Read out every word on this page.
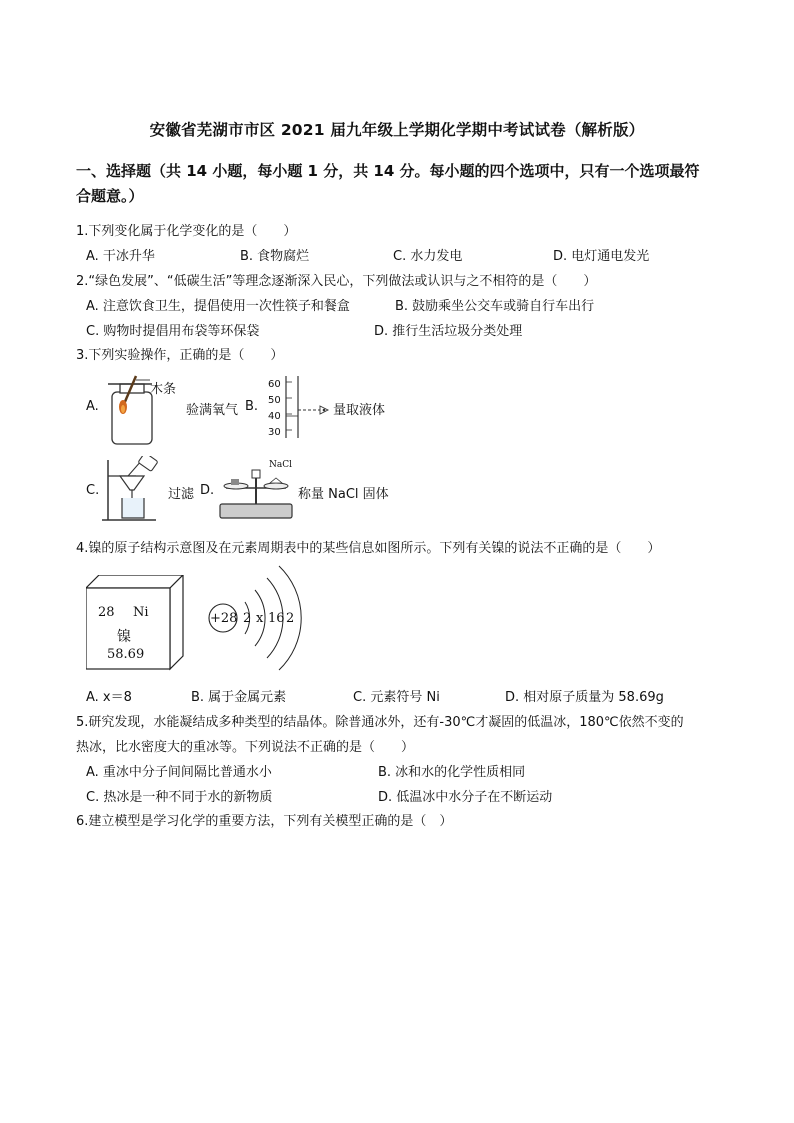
安徽省芜湖市市区 2021 届九年级上学期化学期中考试试卷（解析版）
一、选择题（共 14 小题，每小题 1 分，共 14 分。每小题的四个选项中，只有一个选项最符
合题意。）
1.下列变化属于化学变化的是（　　）
A. 干冰升华	B. 食物腐烂	C. 水力发电	D. 电灯通电发光
2.“绿色发展”、“低碳生活”等理念逐渐深入民心，下列做法或认识与之不相符的是（　　）
A. 注意饮食卫生，提倡使用一次性筷子和餐盒	B. 鼓励乘坐公交车或骑自行车出行
C. 购物时提倡用布袋等环保袋	D. 推行生活垃圾分类处理
3.下列实验操作，正确的是（　　）
A.
木条
验满氧气 B.
60
50
40
30
量取液体
C.	过滤 D.
NaCl
称量 NaCl 固体
4.镍的原子结构示意图及在元素周期表中的某些信息如图所示。下列有关镍的说法不正确的是（　　）
28 Ni
镍
58.69
+28 2 x 16 2
A. x＝8	B. 属于金属元素	C. 元素符号 Ni	D. 相对原子质量为 58.69g
5.研究发现，水能凝结成多种类型的结晶体。除普通冰外，还有-30℃才凝固的低温冰，180℃依然不变的
热冰，比水密度大的重冰等。下列说法不正确的是（　　）
A. 重冰中分子间间隔比普通水小	B. 冰和水的化学性质相同
C. 热冰是一种不同于水的新物质	D. 低温冰中水分子在不断运动
6.建立模型是学习化学的重要方法，下列有关模型正确的是（　）
